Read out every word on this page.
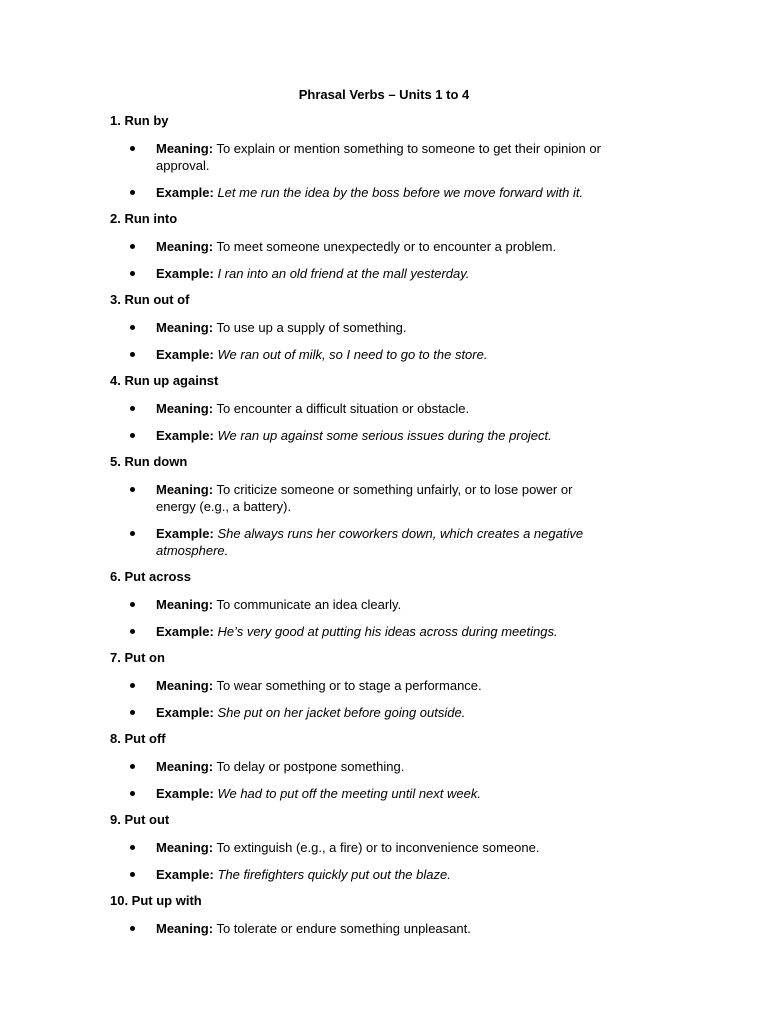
Phrasal Verbs – Units 1 to 4
1. Run by
Meaning: To explain or mention something to someone to get their opinion or approval.
Example: Let me run the idea by the boss before we move forward with it.
2. Run into
Meaning: To meet someone unexpectedly or to encounter a problem.
Example: I ran into an old friend at the mall yesterday.
3. Run out of
Meaning: To use up a supply of something.
Example: We ran out of milk, so I need to go to the store.
4. Run up against
Meaning: To encounter a difficult situation or obstacle.
Example: We ran up against some serious issues during the project.
5. Run down
Meaning: To criticize someone or something unfairly, or to lose power or energy (e.g., a battery).
Example: She always runs her coworkers down, which creates a negative atmosphere.
6. Put across
Meaning: To communicate an idea clearly.
Example: He’s very good at putting his ideas across during meetings.
7. Put on
Meaning: To wear something or to stage a performance.
Example: She put on her jacket before going outside.
8. Put off
Meaning: To delay or postpone something.
Example: We had to put off the meeting until next week.
9. Put out
Meaning: To extinguish (e.g., a fire) or to inconvenience someone.
Example: The firefighters quickly put out the blaze.
10. Put up with
Meaning: To tolerate or endure something unpleasant.
